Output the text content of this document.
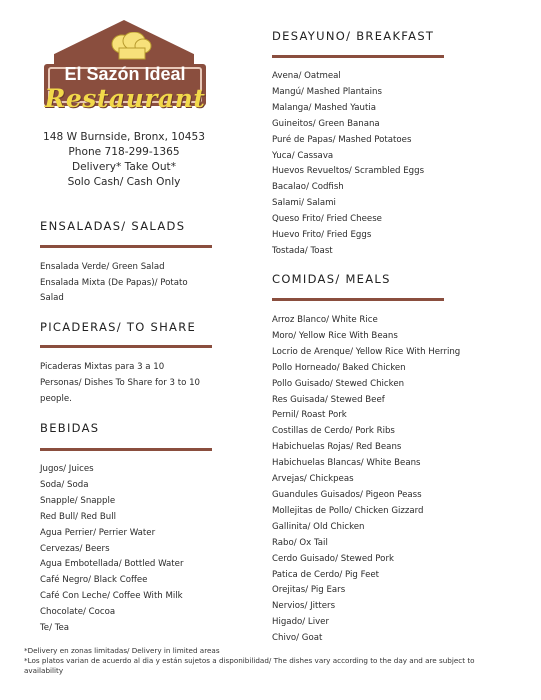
El Sazón Ideal
Restaurant
148 W Burnside, Bronx, 10453
Phone 718-299-1365
Delivery* Take Out*
Solo Cash/ Cash Only
ENSALADAS/ SALADS
Ensalada Verde/ Green Salad
Ensalada Mixta (De Papas)/ Potato
Salad
PICADERAS/ TO SHARE
Picaderas Mixtas para 3 a 10
Personas/ Dishes To Share for 3 to 10
people.
BEBIDAS
Jugos/ Juices
Soda/ Soda
Snapple/ Snapple
Red Bull/ Red Bull
Agua Perrier/ Perrier Water
Cervezas/ Beers
Agua Embotellada/ Bottled Water
Café Negro/ Black Coffee
Café Con Leche/ Coffee With Milk
Chocolate/ Cocoa
Te/ Tea
DESAYUNO/ BREAKFAST
Avena/ Oatmeal
Mangú/ Mashed Plantains
Malanga/ Mashed Yautia
Guineitos/ Green Banana
Puré de Papas/ Mashed Potatoes
Yuca/ Cassava
Huevos Revueltos/ Scrambled Eggs
Bacalao/ Codfish
Salami/ Salami
Queso Frito/ Fried Cheese
Huevo Frito/ Fried Eggs
Tostada/ Toast
COMIDAS/ MEALS
Arroz Blanco/ White Rice
Moro/ Yellow Rice With Beans
Locrio de Arenque/ Yellow Rice With Herring
Pollo Horneado/ Baked Chicken
Pollo Guisado/ Stewed Chicken
Res Guisada/ Stewed Beef
Pernil/ Roast Pork
Costillas de Cerdo/ Pork Ribs
Habichuelas Rojas/ Red Beans
Habichuelas Blancas/ White Beans
Arvejas/ Chickpeas
Guandules Guisados/ Pigeon Peass
Mollejitas de Pollo/ Chicken Gizzard
Gallinita/ Old Chicken
Rabo/ Ox Tail
Cerdo Guisado/ Stewed Pork
Patica de Cerdo/ Pig Feet
Orejitas/ Pig Ears
Nervios/ Jitters
Higado/ Liver
Chivo/ Goat
*Delivery en zonas limitadas/ Delivery in limited areas
*Los platos varian de acuerdo al dia y están sujetos a disponibilidad/ The dishes vary according to the day and are subject to
availability
